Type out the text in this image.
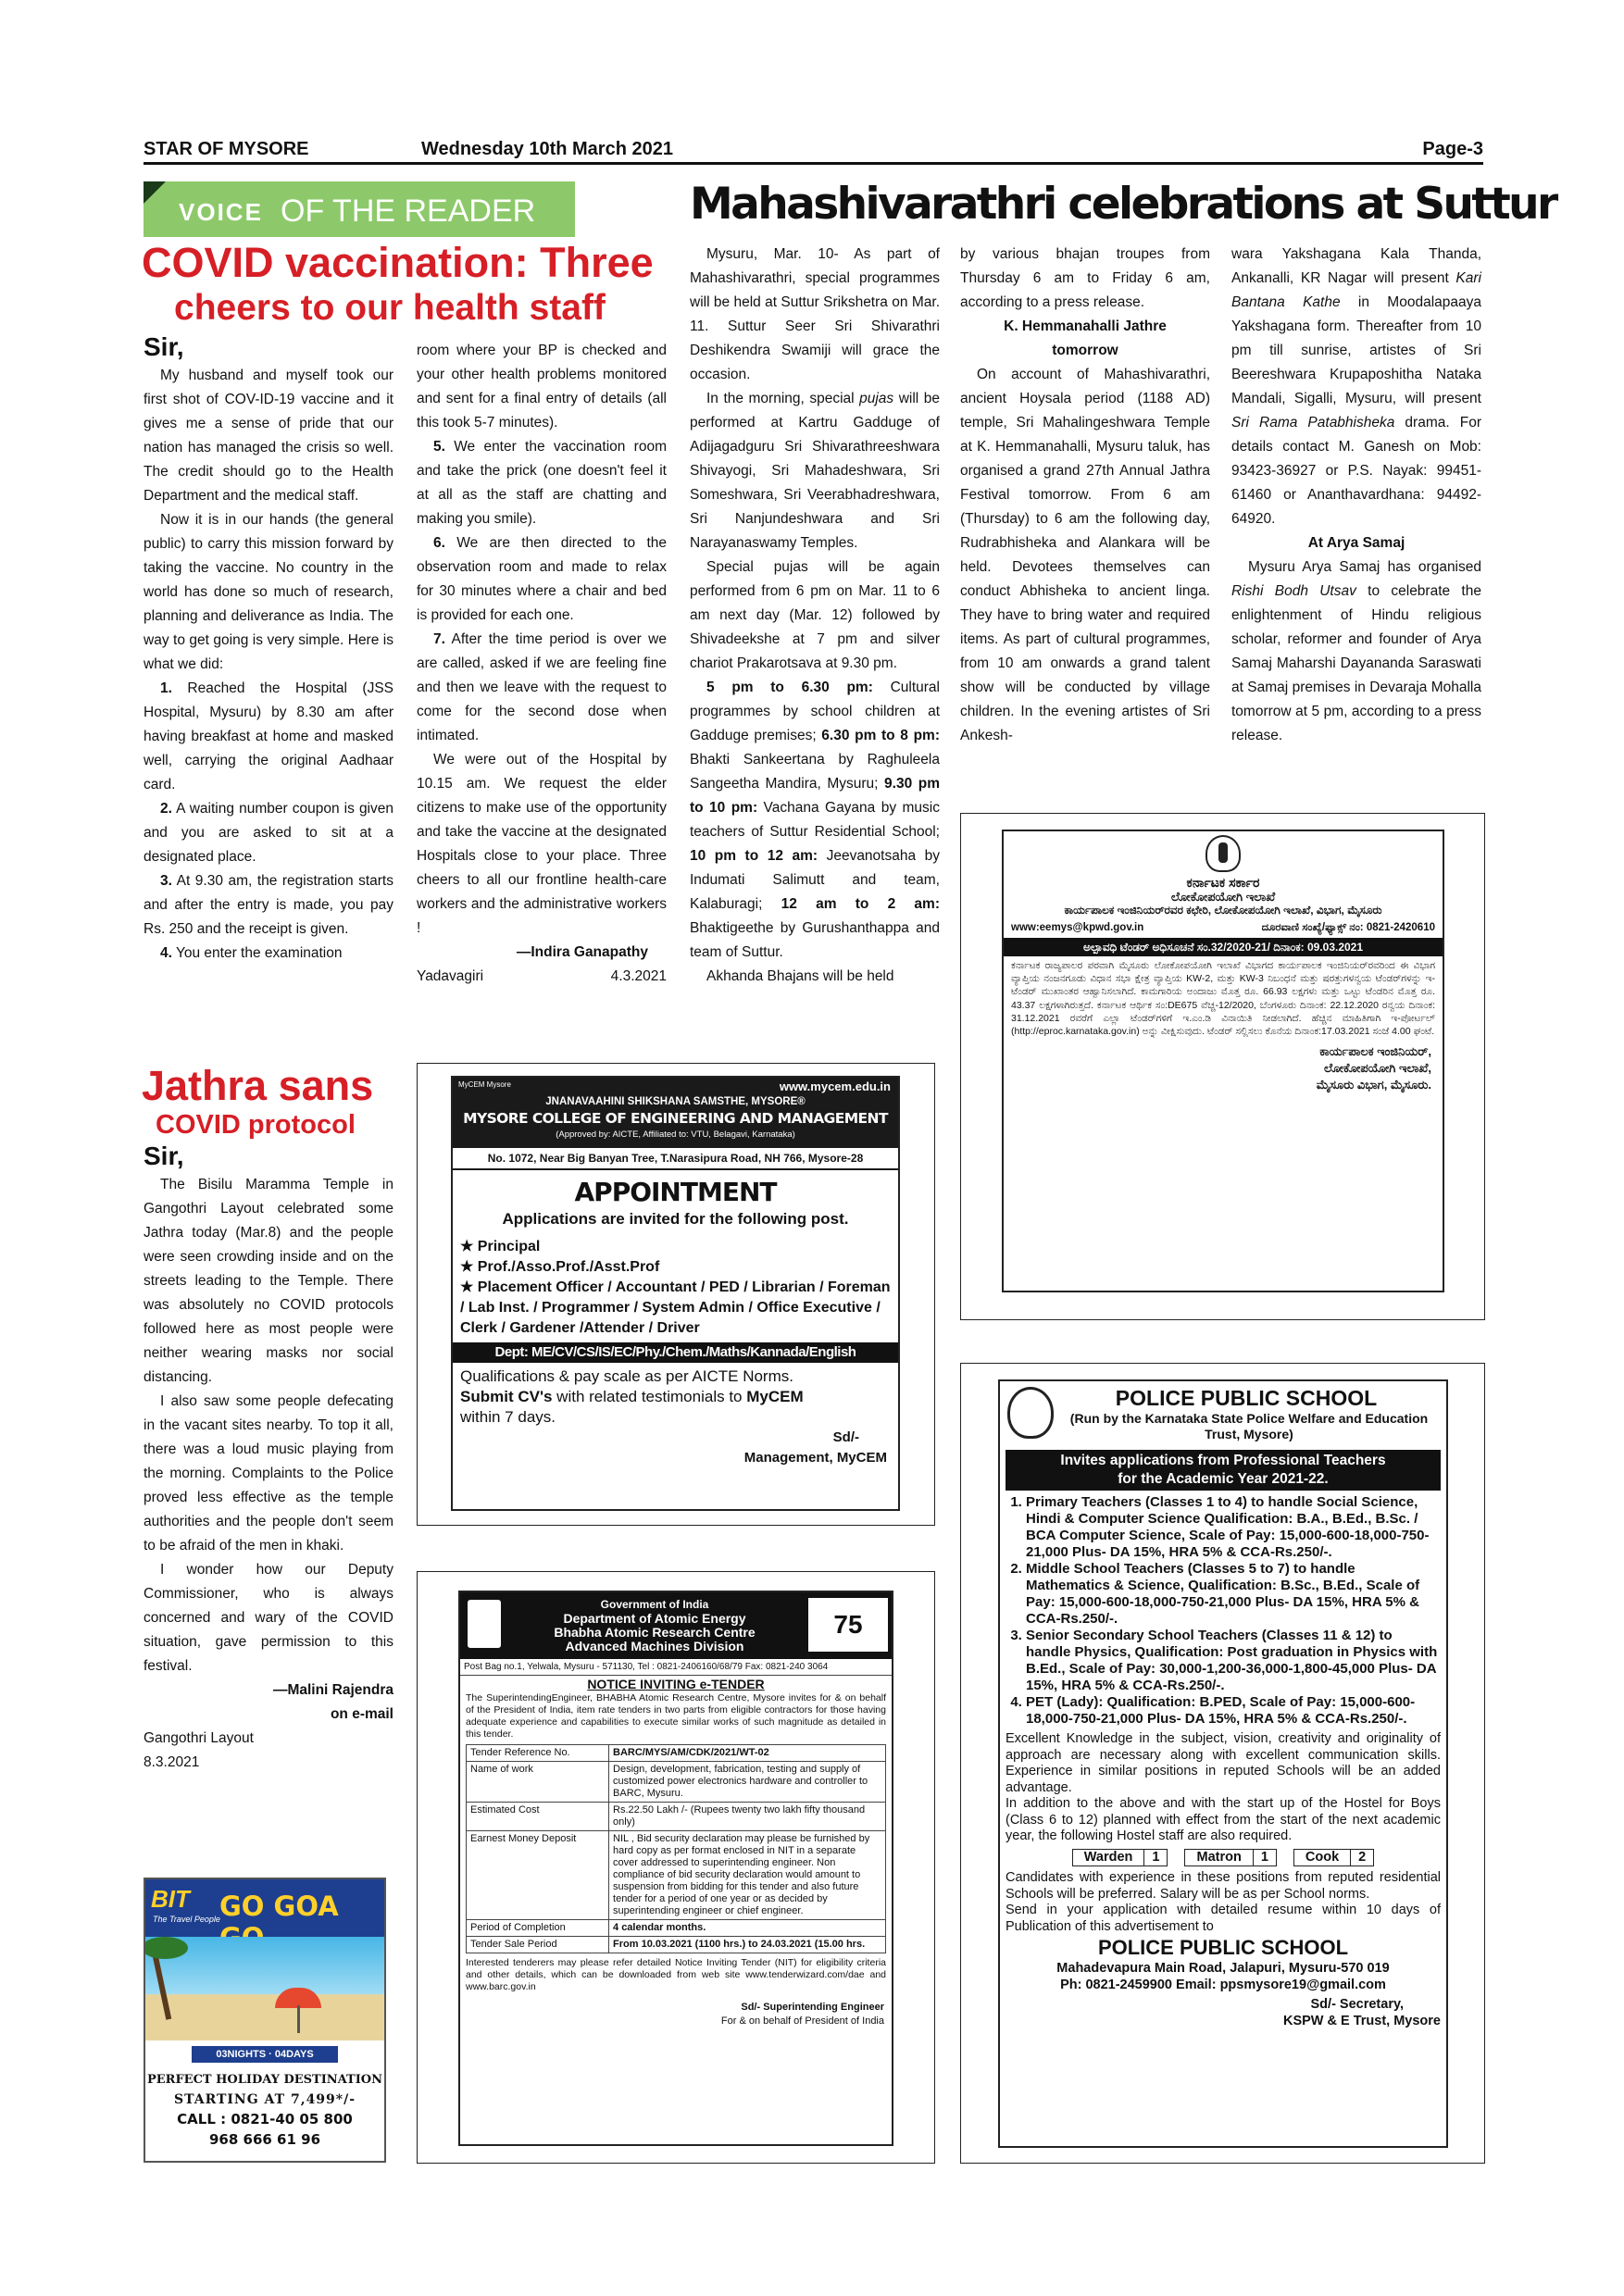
STAR OF MYSORE	Wednesday 10th March 2021	Page-3
VOICE OF THE READER
COVID vaccination: Three
cheers to our health staff

Sir,

My husband and myself took our first shot of COV-ID-19 vaccine and it gives me a sense of pride that our nation has managed the crisis so well. The credit should go to the Health Department and the medical staff.

Now it is in our hands (the general public) to carry this mission forward by taking the vaccine. No country in the world has done so much of research, planning and deliverance as India. The way to get going is very simple. Here is what we did:

1. Reached the Hospital (JSS Hospital, Mysuru) by 8.30 am after having breakfast at home and masked well, carrying the original Aadhaar card.

2. A waiting number coupon is given and you are asked to sit at a designated place.

3. At 9.30 am, the registration starts and after the entry is made, you pay Rs. 250 and the receipt is given.

4. You enter the examination

room where your BP is checked and your other health problems monitored and sent for a final entry of details (all this took 5-7 minutes).

5. We enter the vaccination room and take the prick (one doesn't feel it at all as the staff are chatting and making you smile).

6. We are then directed to the observation room and made to relax for 30 minutes where a chair and bed is provided for each one.

7. After the time period is over we are called, asked if we are feeling fine and then we leave with the request to come for the second dose when intimated.

We were out of the Hospital by 10.15 am. We request the elder citizens to make use of the opportunity and take the vaccine at the designated Hospitals close to your place. Three cheers to all our frontline health-care workers and the administrative workers !

—Indira Ganapathy

Yadavagiri	4.3.2021

Jathra sans
COVID protocol

Sir,

The Bisilu Maramma Temple in Gangothri Layout celebrated some Jathra today (Mar.8) and the people were seen crowding inside and on the streets leading to the Temple. There was absolutely no COVID protocols followed here as most people were neither wearing masks nor social distancing.

I also saw some people defecating in the vacant sites nearby. To top it all, there was a loud music playing from the morning. Complaints to the Police proved less effective as the temple authorities and the people don't seem to be afraid of the men in khaki.

I wonder how our Deputy Commissioner, who is always concerned and wary of the COVID situation, gave permission to this festival.

—Malini Rajendra

on e-mail

Gangothri Layout

8.3.2021

BIT
The Travel People GO GOA
03NIGHTS · 04DAYS
PERFECT HOLIDAY DESTINATION
STARTING AT 7,499*/-
CALL : 0821-40 05 800
968 666 61 96
Mahashivarathri celebrations at Suttur

Mysuru, Mar. 10- As part of Mahashivarathri, special programmes will be held at Suttur Srikshetra on Mar. 11. Suttur Seer Sri Shivarathri Deshikendra Swamiji will grace the occasion.

In the morning, special pujas will be performed at Kartru Gadduge of Adijagadguru Sri Shivarathreeshwara Shivayogi, Sri Mahadeshwara, Sri Someshwara, Sri Veerabhadreshwara, Sri Nanjundeshwara and Sri Narayanaswamy Temples.

Special pujas will be again performed from 6 pm on Mar. 11 to 6 am next day (Mar. 12) followed by Shivadeekshe at 7 pm and silver chariot Prakarotsava at 9.30 pm.

5 pm to 6.30 pm: Cultural programmes by school children at Gadduge premises; 6.30 pm to 8 pm: Bhakti Sankeertana by Raghuleela Sangeetha Mandira, Mysuru; 9.30 pm to 10 pm: Vachana Gayana by music teachers of Suttur Residential School; 10 pm to 12 am: Jeevanotsaha by Indumati Salimutt and team, Kalaburagi; 12 am to 2 am: Bhaktigeethe by Gurushanthappa and team of Suttur.

Akhanda Bhajans will be held

by various bhajan troupes from Thursday 6 am to Friday 6 am, according to a press release.

K. Hemmanahalli Jathre tomorrow

On account of Mahashivarathri, ancient Hoysala period (1188 AD) temple, Sri Mahalingeshwara Temple at K. Hemmanahalli, Mysuru taluk, has organised a grand 27th Annual Jathra Festival tomorrow. From 6 am (Thursday) to 6 am the following day, Rudrabhisheka and Alankara will be held. Devotees themselves can conduct Abhisheka to ancient linga. They have to bring water and required items. As part of cultural programmes, from 10 am onwards a grand talent show will be conducted by village children. In the evening artistes of Sri Ankesh-

wara Yakshagana Kala Thanda, Ankanalli, KR Nagar will present Kari Bantana Kathe in Moodalapaaya Yakshagana form. Thereafter from 10 pm till sunrise, artistes of Sri Beereshwara Krupaposhitha Nataka Mandali, Sigalli, Mysuru, will present Sri Rama Patabhisheka drama. For details contact M. Ganesh on Mob: 93423-36927 or P.S. Nayak: 99451-61460 or Ananthavardhana: 94492-64920.

At Arya Samaj

Mysuru Arya Samaj has organised Rishi Bodh Utsav to celebrate the enlightenment of Hindu religious scholar, reformer and founder of Arya Samaj Maharshi Dayananda Saraswati at Samaj premises in Devaraja Mohalla tomorrow at 5 pm, according to a press release.

ಕರ್ನಾಟಕ ಸರ್ಕಾರ
ಲೋಕೋಪಯೋಗಿ ಇಲಾಖೆ
ಕಾರ್ಯಪಾಲಕ ಇಂಜಿನಿಯರ್‌ರವರ ಕಛೇರಿ, ಲೋಕೋಪಯೋಗಿ ಇಲಾಖೆ, ವಿಭಾಗ, ಮೈಸೂರು
www:eemys@kpwd.gov.in	ದೂರವಾಣಿ ಸಂಖ್ಯೆ/ಫ್ಯಾಕ್ಸ್ ನಂ: 0821-2420610
ಅಲ್ಪಾವಧಿ ಟೆಂಡರ್ ಅಧಿಸೂಚನೆ ಸಂ.32/2020-21/ ದಿನಾಂಕ: 09.03.2021
ಕರ್ನಾಟಕ ರಾಜ್ಯಪಾಲರ ಪರವಾಗಿ ಮೈಸೂರು ಲೋಕೋಪಯೋಗಿ ಇಲಾಖೆ ವಿಭಾಗದ ಕಾರ್ಯಪಾಲಕ ಇಂಜಿನಿಯರ್‌ರವರಿಂದ ಈ ವಿಭಾಗ ವ್ಯಾಪ್ತಿಯ ನಂಜನಗೂಡು ವಿಧಾನ ಸಭಾ ಕ್ಷೇತ್ರ ವ್ಯಾಪ್ತಿಯ KW-2, ಮತ್ತು KW-3 ನಿಬಂಧನೆ ಮತ್ತು ಷರತ್ತುಗಳನ್ವಯ ಟೆಂಡರ್‌ಗಳನ್ನು ಇ-ಟೆಂಡರ್ ಮುಖಾಂತರ ಆಹ್ವಾನಿಸಲಾಗಿದೆ. ಕಾಮಗಾರಿಯ ಅಂದಾಜು ಮೊತ್ತ ರೂ. 66.93 ಲಕ್ಷಗಳು ಮತ್ತು ಒಟ್ಟು ಟೆಂಡರಿನ ಮೊತ್ತ ರೂ. 43.37 ಲಕ್ಷಗಳಾಗಿರುತ್ತದೆ. ಕರ್ನಾಟಕ ಆರ್ಥಿಕ ಸಂ:DE675 ವೆಚ್ಚ-12/2020, ಬೆಂಗಳೂರು ದಿನಾಂಕ: 22.12.2020 ರನ್ವಯ ದಿನಾಂಕ: 31.12.2021 ರವರೆಗೆ ಎಲ್ಲಾ ಟೆಂಡರ್‌ಗಳಿಗೆ ಇ.ಎಂ.ಡಿ ವಿನಾಯಿತಿ ನೀಡಲಾಗಿದೆ. ಹೆಚ್ಚಿನ ಮಾಹಿತಿಗಾಗಿ ಇ-ಪೋರ್ಟಲ್ (http://eproc.karnataka.gov.in) ಅನ್ನು ವೀಕ್ಷಿಸುವುದು. ಟೆಂಡರ್ ಸಲ್ಲಿಸಲು ಕೊನೆಯ ದಿನಾಂಕ:17.03.2021 ಸಂಜೆ 4.00 ಘಂಟೆ.
ಕಾರ್ಯಪಾಲಕ ಇಂಜಿನಿಯರ್,
ಲೋಕೋಪಯೋಗಿ ಇಲಾಖೆ,
ಮೈಸೂರು ವಿಭಾಗ, ಮೈಸೂರು.
MyCEM Mysore	www.mycem.edu.in
JNANAVAAHINI SHIKSHANA SAMSTHE, MYSORE®
MYSORE COLLEGE OF ENGINEERING AND MANAGEMENT
(Approved by: AICTE, Affiliated to: VTU, Belagavi, Karnataka)
No. 1072, Near Big Banyan Tree, T.Narasipura Road, NH 766, Mysore-28
APPOINTMENT
Applications are invited for the following post.
★ Principal
★ Prof./Asso.Prof./Asst.Prof
★ Placement Officer / Accountant / PED / Librarian / Foreman / Lab Inst. / Programmer / System Admin / Office Executive / Clerk / Gardener /Attender / Driver
Dept: ME/CV/CS/IS/EC/Phy./Chem./Maths/Kannada/English
Qualifications & pay scale as per AICTE Norms.
Submit CV's with related testimonials to MyCEM
within 7 days.
Sd/-
Management, MyCEM
Government of India
Department of Atomic Energy
Bhabha Atomic Research Centre
Advanced Machines Division
75
Post Bag no.1, Yelwala, Mysuru - 571130, Tel : 0821-2406160/68/79 Fax: 0821-240 3064
NOTICE INVITING e-TENDER
The SuperintendingEngineer, BHABHA Atomic Research Centre, Mysore invites for & on behalf of the President of India, item rate tenders in two parts from eligible contractors for those having adequate experience and capabilities to execute similar works of such magnitude as detailed in this tender.
Tender Reference No.	BARC/MYS/AM/CDK/2021/WT-02
Name of work	Design, development, fabrication, testing and supply of customized power electronics hardware and controller to BARC, Mysuru.
Estimated Cost	Rs.22.50 Lakh /- (Rupees twenty two lakh fifty thousand only)
Earnest Money Deposit	NIL , Bid security declaration may please be furnished by hard copy as per format enclosed in NIT in a separate cover addressed to superintending engineer. Non compliance of bid security declaration would amount to suspension from bidding for this tender and also future tender for a period of one year or as decided by superintending engineer or chief engineer.
Period of Completion	4 calendar months.
Tender Sale Period	From 10.03.2021 (1100 hrs.) to 24.03.2021 (15.00 hrs.
Interested tenderers may please refer detailed Notice Inviting Tender (NIT) for eligibility criteria and other details, which can be downloaded from web site www.tenderwizard.com/dae and www.barc.gov.in
Sd/- Superintending Engineer
For & on behalf of President of India
POLICE PUBLIC SCHOOL
(Run by the Karnataka State Police Welfare and Education Trust, Mysore)
Invites applications from Professional Teachers
for the Academic Year 2021-22.
1. Primary Teachers (Classes 1 to 4) to handle Social Science, Hindi & Computer Science Qualification: B.A., B.Ed., B.Sc. / BCA Computer Science, Scale of Pay: 15,000-600-18,000-750-21,000 Plus- DA 15%, HRA 5% & CCA-Rs.250/-.
2. Middle School Teachers (Classes 5 to 7) to handle Mathematics & Science, Qualification: B.Sc., B.Ed., Scale of Pay: 15,000-600-18,000-750-21,000 Plus- DA 15%, HRA 5% & CCA-Rs.250/-.
3. Senior Secondary School Teachers (Classes 11 & 12) to handle Physics, Qualification: Post graduation in Physics with B.Ed., Scale of Pay: 30,000-1,200-36,000-1,800-45,000 Plus- DA 15%, HRA 5% & CCA-Rs.250/-.
4. PET (Lady): Qualification: B.PED, Scale of Pay: 15,000-600-18,000-750-21,000 Plus- DA 15%, HRA 5% & CCA-Rs.250/-.
Excellent Knowledge in the subject, vision, creativity and originality of approach are necessary along with excellent communication skills. Experience in similar positions in reputed Schools will be an added advantage.
In addition to the above and with the start up of the Hostel for Boys (Class 6 to 12) planned with effect from the start of the next academic year, the following Hostel staff are also required.
Warden	1	Matron	1	Cook	2
Candidates with experience in these positions from reputed residential Schools will be preferred. Salary will be as per School norms.
Send in your application with detailed resume within 10 days of Publication of this advertisement to
POLICE PUBLIC SCHOOL
Mahadevapura Main Road, Jalapuri, Mysuru-570 019
Ph: 0821-2459900 Email: ppsmysore19@gmail.com
Sd/- Secretary,
KSPW & E Trust, Mysore
